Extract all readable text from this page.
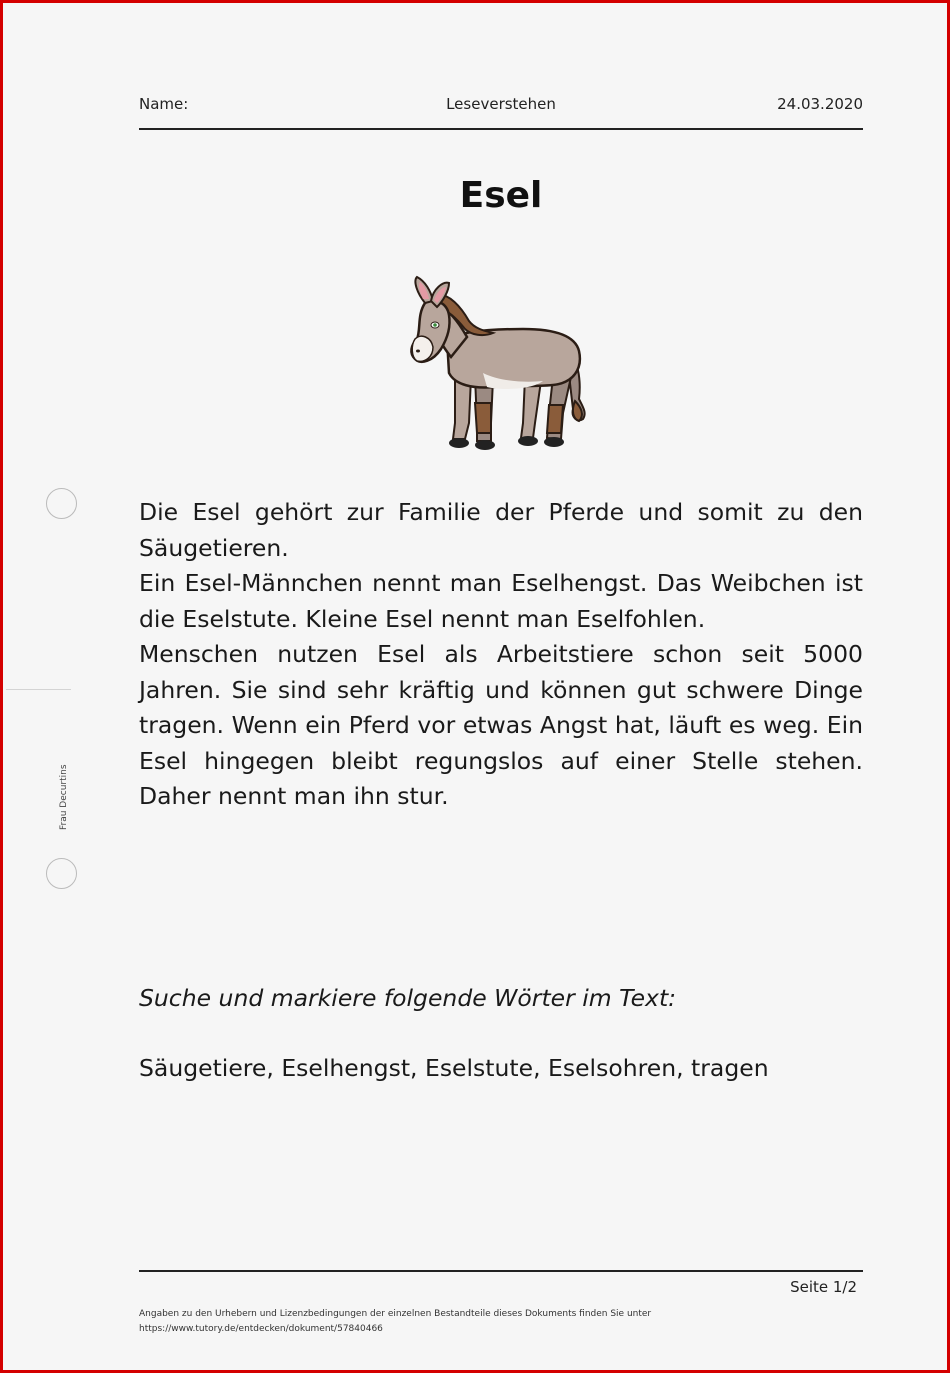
Name:	Leseverstehen	24.03.2020
Esel

Die Esel gehört zur Familie der Pferde und somit zu den Säugetieren.

Ein Esel-Männchen nennt man Eselhengst. Das Weibchen ist die Eselstute. Kleine Esel nennt man Eselfohlen.

Menschen nutzen Esel als Arbeitstiere schon seit 5000 Jahren. Sie sind sehr kräftig und können gut schwere Dinge tragen. Wenn ein Pferd vor etwas Angst hat, läuft es weg. Ein Esel hingegen bleibt regungslos auf einer Stelle stehen. Daher nennt man ihn stur.

Suche und markiere folgende Wörter im Text:
Säugetiere, Eselhengst, Eselstute, Eselsohren, tragen
Frau Decurtins
Seite 1/2
Angaben zu den Urhebern und Lizenzbedingungen der einzelnen Bestandteile dieses Dokuments finden Sie unter
https://www.tutory.de/entdecken/dokument/57840466
